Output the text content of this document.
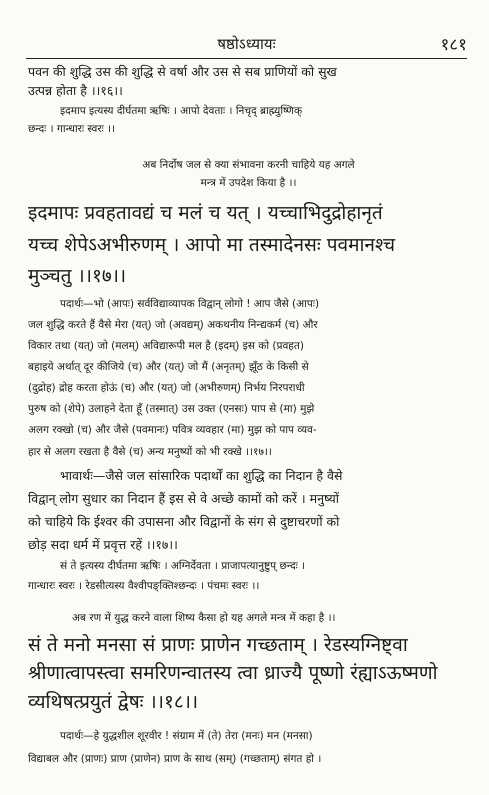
षष्ठोऽध्यायः	१८१
पवन की शुद्धि उस की शुद्धि से वर्षा और उस से सब प्राणियों को सुख
उत्पन्न होता है ।।१६।।
इदमाप इत्यस्य दीर्घतमा ऋषिः । आपो देवताः । निचृद् ब्राह्म्युष्णिक्
छन्दः । गान्धारः स्वरः ।।
अब निर्दोष जल से क्या संभावना करनी चाहिये यह अगले
मन्त्र में उपदेश किया है ।।
इदमापः प्रवहतावद्यं च मलं च यत् । यच्चाभिदुद्रोहानृतं
यच्च शेपेऽअभीरुणम् । आपो मा तस्मादेनसः पवमानश्च
मुञ्चतु ।।१७।।
पदार्थः—भो (आपः) सर्वविद्याव्यापक विद्वान् लोगो ! आप जैसे (आपः)
जल शुद्धि करते हैं वैसे मेरा (यत्) जो (अवद्यम्) अकथनीय निन्द्यकर्म (च) और
विकार तथा (यत्) जो (मलम्) अविद्यारूपी मल है (इदम्) इस को (प्रवहत)
बहाइये अर्थात् दूर कीजिये (च) और (यत्) जो मैं (अनृतम्) झूँठ के किसी से
(दुद्रोह) द्रोह करता होऊं (च) और (यत्) जो (अभीरुणम्) निर्भय निरपराधी
पुरुष को (शेपे) उलाहने देता हूँ (तस्मात्) उस उक्त (एनसः) पाप से (मा) मुझे
अलग रक्खो (च) और जैसे (पवमानः) पवित्र व्यवहार (मा) मुझ को पाप व्यव-
हार से अलग रखता है वैसे (च) अन्य मनुष्यों को भी रक्खे ।।१७।।
भावार्थः—जैसे जल सांसारिक पदार्थों का शुद्धि का निदान है वैसे
विद्वान् लोग सुधार का निदान हैं इस से वे अच्छे कामों को करें । मनुष्यों
को चाहिये कि ईश्वर की उपासना और विद्वानों के संग से दुष्टाचरणों को
छोड़ सदा धर्म में प्रवृत्त रहें ।।१७।।
सं ते इत्यस्य दीर्घतमा ऋषिः । अग्निर्देवता । प्राजापत्यानुष्टुप् छन्दः ।
गान्धारः स्वरः । रेडसीत्यस्य वैश्वीपङ्क्तिश्छन्दः । पंचमः स्वरः ।।
अब रण में युद्ध करने वाला शिष्य कैसा हो यह अगले मन्त्र में कहा है ।।
सं ते मनो मनसा सं प्राणः प्राणेन गच्छताम् । रेडस्यग्निष्ट्वा
श्रीणात्वापस्त्वा समरिणन्वातस्य त्वा ध्राज्यै पूष्णो रंह्याऽऊष्मणो
व्यथिषत्प्रयुतं द्वेषः ।।१८।।
पदार्थः—हे युद्धशील शूरवीर ! संग्राम में (ते) तेरा (मनः) मन (मनसा)
विद्याबल और (प्राणः) प्राण (प्राणेन) प्राण के साथ (सम्) (गच्छताम्) संगत हो ।
